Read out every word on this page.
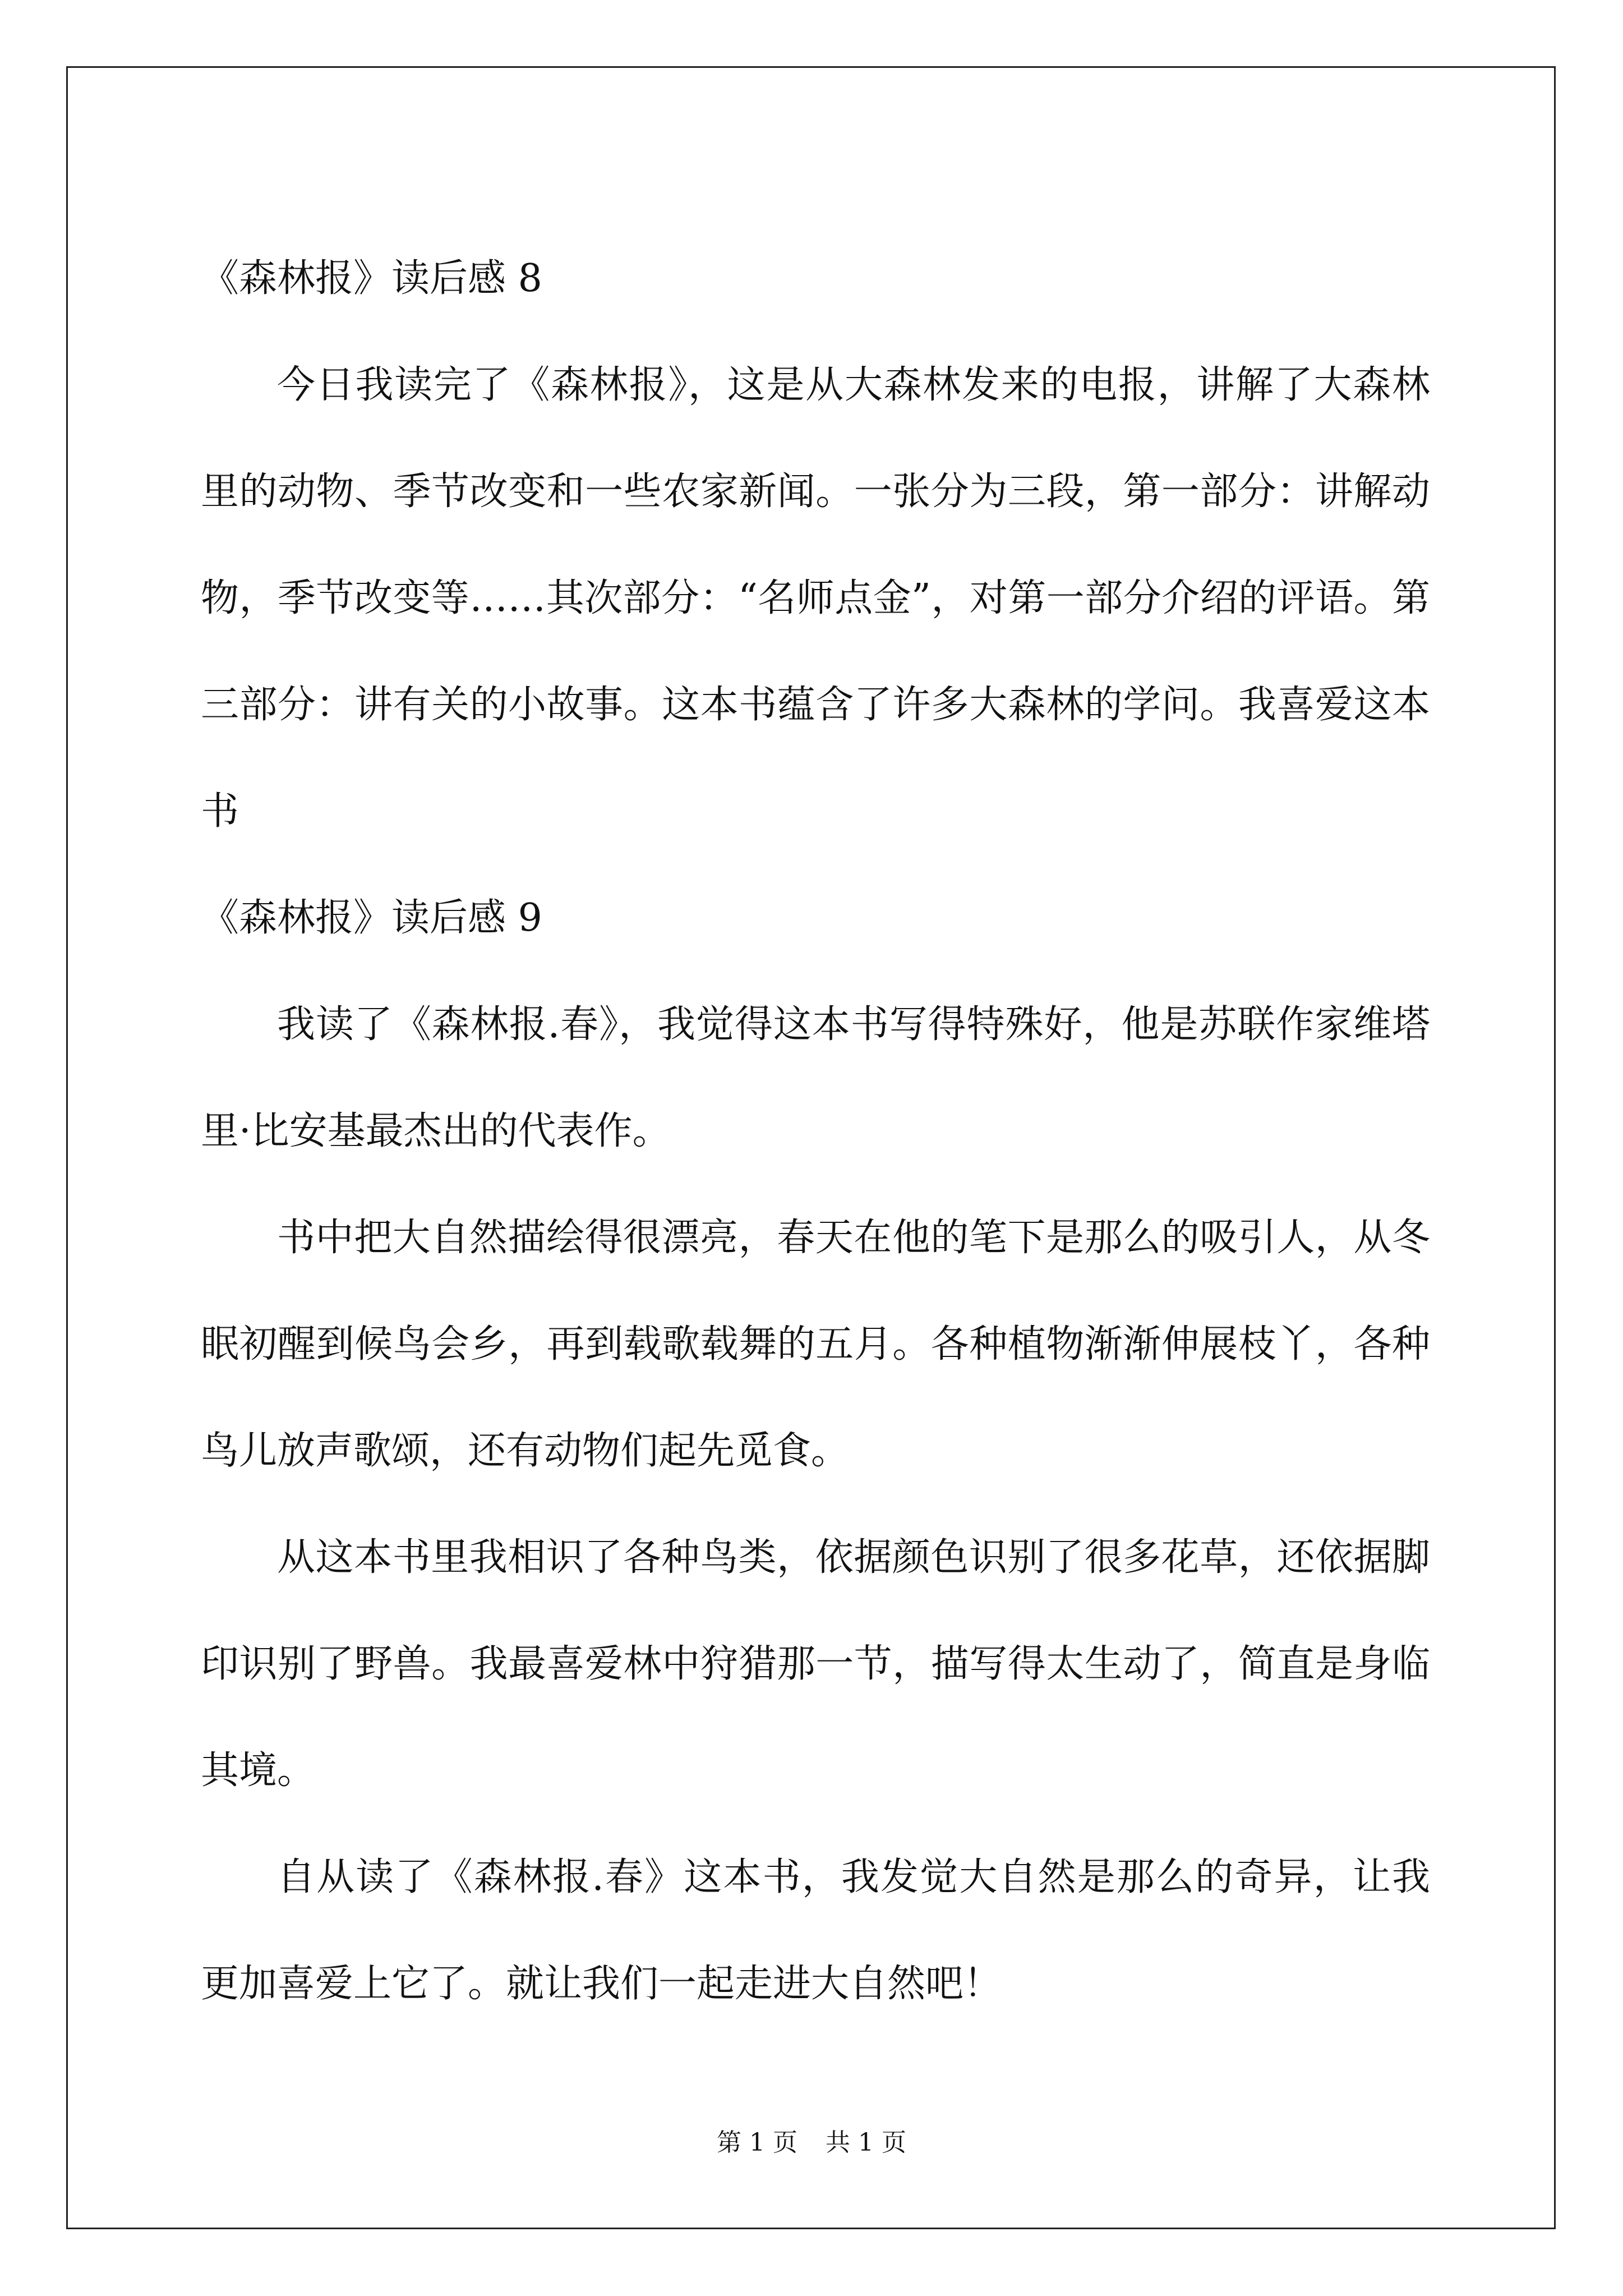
《森林报》读后感 8

今日我读完了《森林报》，这是从大森林发来的电报，讲解了大森林里的动物、季节改变和一些农家新闻。一张分为三段，第一部分：讲解动物，季节改变等……其次部分：“名师点金”，对第一部分介绍的评语。第三部分：讲有关的小故事。这本书蕴含了许多大森林的学问。我喜爱这本书

《森林报》读后感 9

我读了《森林报.春》，我觉得这本书写得特殊好，他是苏联作家维塔里·比安基最杰出的代表作。

书中把大自然描绘得很漂亮，春天在他的笔下是那么的吸引人，从冬眠初醒到候鸟会乡，再到载歌载舞的五月。各种植物渐渐伸展枝丫，各种鸟儿放声歌颂，还有动物们起先觅食。

从这本书里我相识了各种鸟类，依据颜色识别了很多花草，还依据脚印识别了野兽。我最喜爱林中狩猎那一节，描写得太生动了，简直是身临其境。

自从读了《森林报.春》这本书，我发觉大自然是那么的奇异，让我更加喜爱上它了。就让我们一起走进大自然吧！

第 1 页 共 1 页
